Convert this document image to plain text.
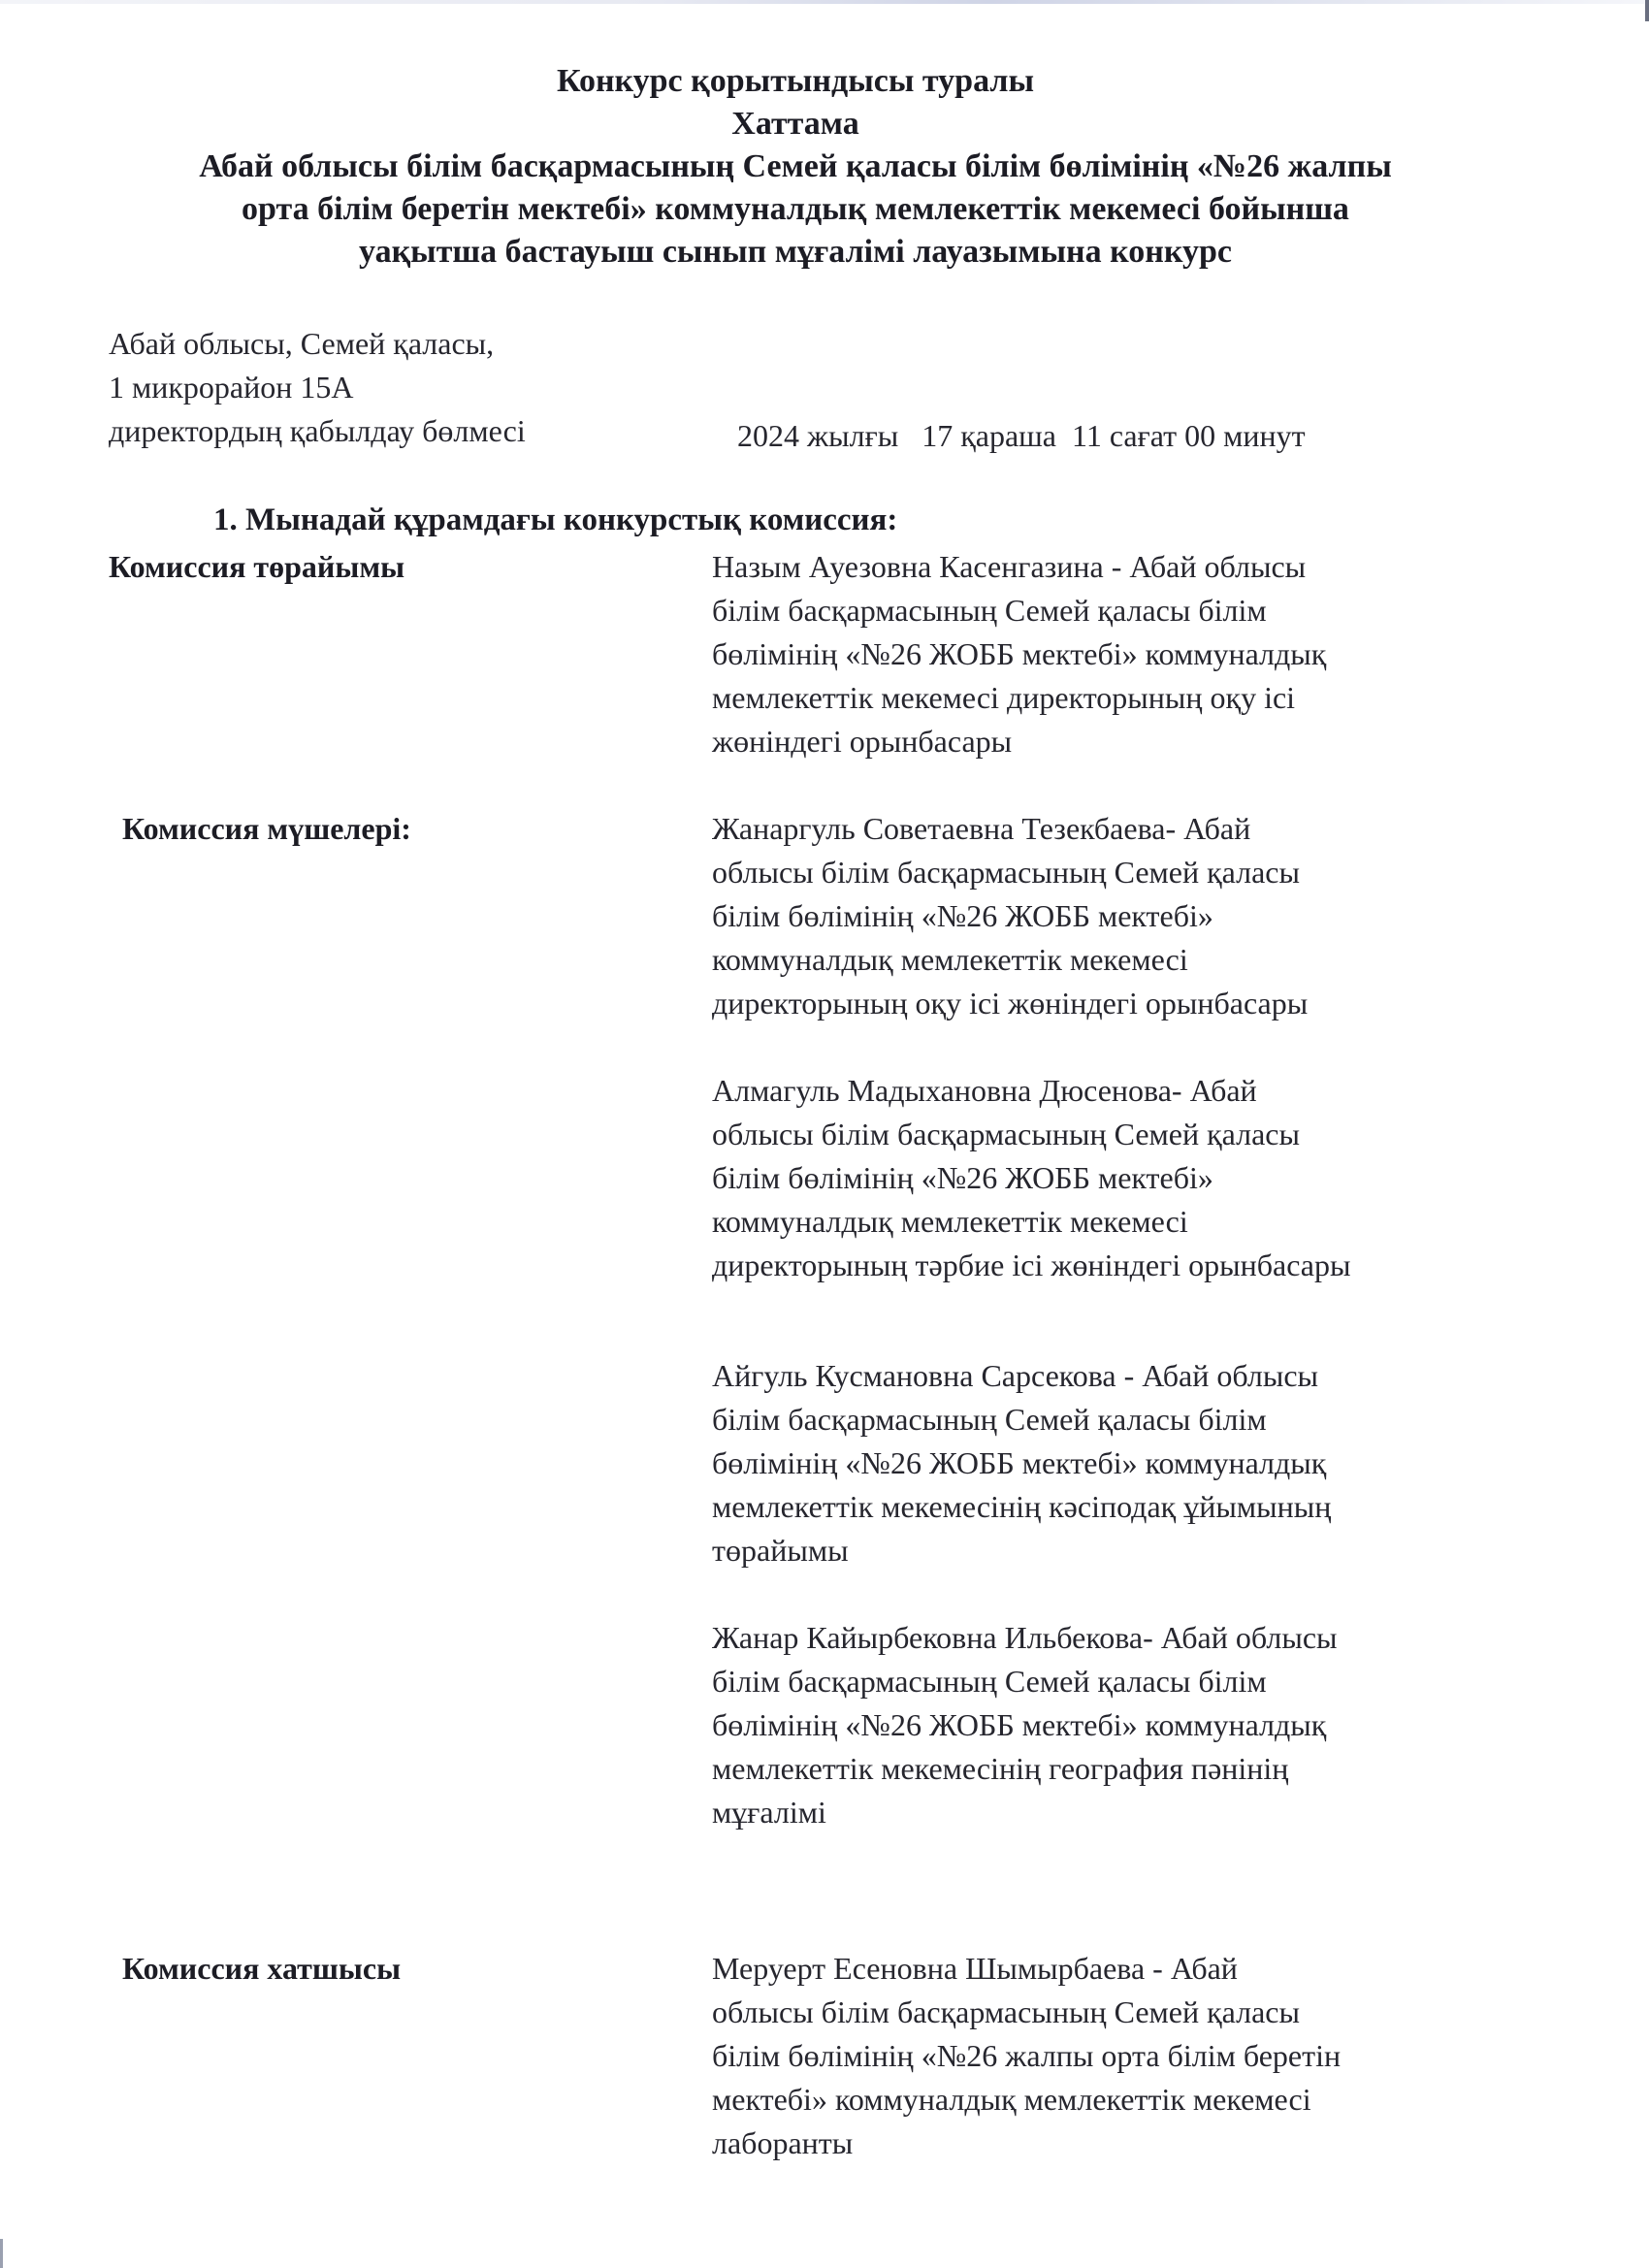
Конкурс қорытындысы туралы
Хаттама
Абай облысы білім басқармасының Семей қаласы білім бөлімінің «№26 жалпы
орта білім беретін мектебі» коммуналдық мемлекеттік мекемесі бойынша
уақытша бастауыш сынып мұғалімі лауазымына конкурс
Абай облысы, Семей қаласы,
1 микрорайон 15А
директордың қабылдау бөлмесі	2024 жылғы   17 қараша  11 сағат 00 минут
1. Мынадай құрамдағы конкурстық комиссия:
Комиссия төрайымы	Назым Ауезовна Касенгазина - Абай облысы
білім басқармасының Семей қаласы білім
бөлімінің «№26 ЖОББ мектебі» коммуналдық
мемлекеттік мекемесі директорының оқу ісі
жөніндегі орынбасары
Комиссия мүшелері:	Жанаргуль Советаевна Тезекбаева- Абай
облысы білім басқармасының Семей қаласы
білім бөлімінің «№26 ЖОББ мектебі»
коммуналдық мемлекеттік мекемесі
директорының оқу ісі жөніндегі орынбасары
Алмагуль Мадыхановна Дюсенова- Абай
облысы білім басқармасының Семей қаласы
білім бөлімінің «№26 ЖОББ мектебі»
коммуналдық мемлекеттік мекемесі
директорының тәрбие ісі жөніндегі орынбасары
Айгуль Кусмановна Сарсекова - Абай облысы
білім басқармасының Семей қаласы білім
бөлімінің «№26 ЖОББ мектебі» коммуналдық
мемлекеттік мекемесінің кәсіподақ ұйымының
төрайымы
Жанар Кайырбековна Ильбекова- Абай облысы
білім басқармасының Семей қаласы білім
бөлімінің «№26 ЖОББ мектебі» коммуналдық
мемлекеттік мекемесінің география пәнінің
мұғалімі
Комиссия хатшысы	Меруерт Есеновна Шымырбаева - Абай
облысы білім басқармасының Семей қаласы
білім бөлімінің «№26 жалпы орта білім беретін
мектебі» коммуналдық мемлекеттік мекемесі
лаборанты
